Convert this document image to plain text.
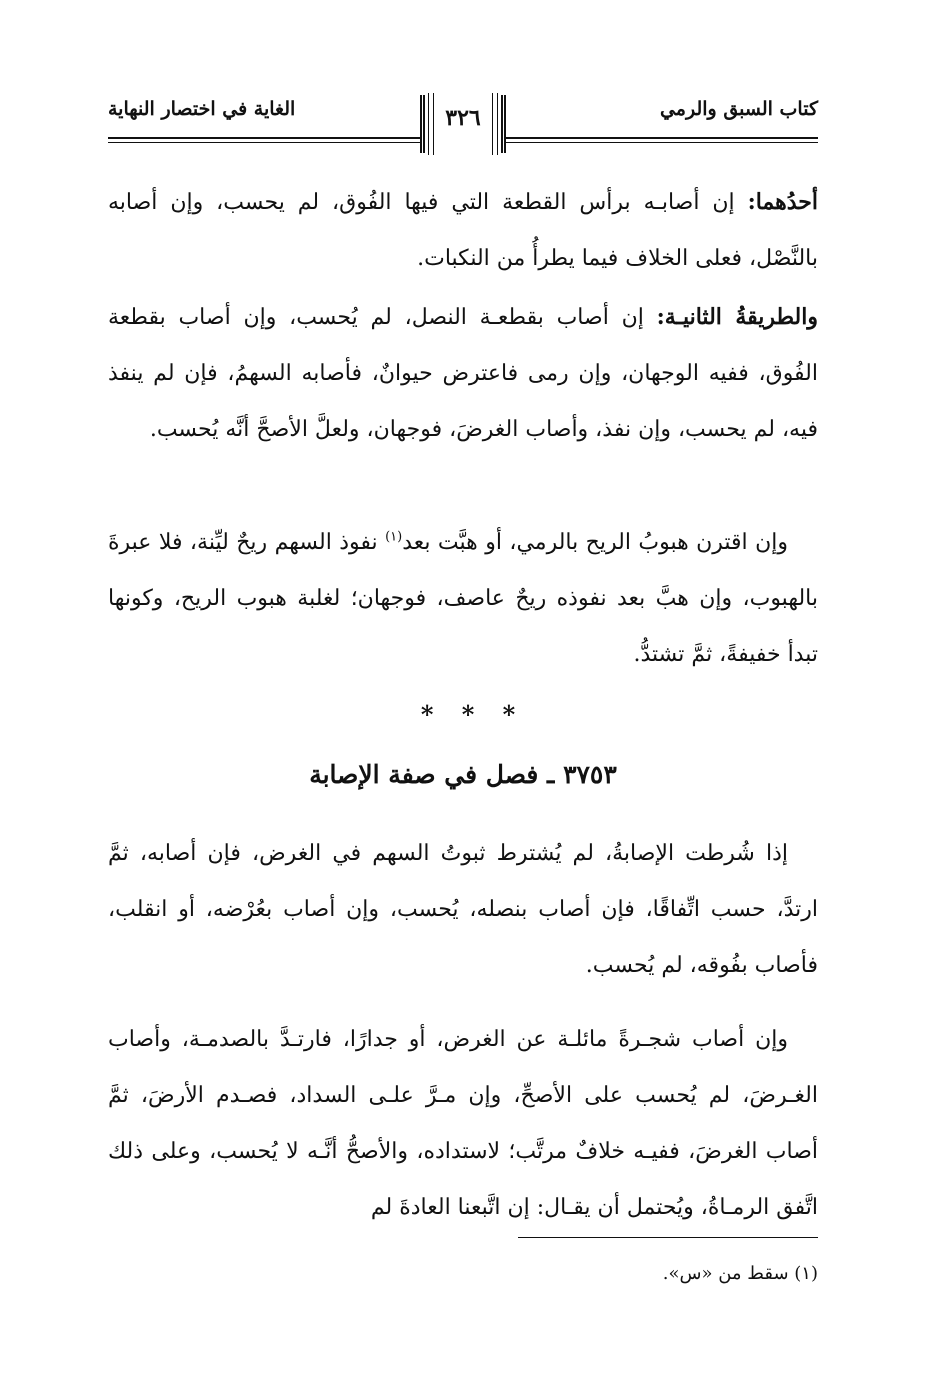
كتاب السبق والرمي
الغاية في اختصار النهاية	٣٢٦
أحدُهما: إن أصابـه برأس القطعة التي فيها الفُوق، لم يحسب، وإن أصابه بالنَّصْل، فعلى الخلاف فيما يطرأُ من النكبات.
والطريقةُ الثانيـة: إن أصاب بقطعـة النصل، لم يُحسب، وإن أصاب بقطعة الفُوق، ففيه الوجهان، وإن رمى فاعترض حيوانٌ، فأصابه السهمُ، فإن لم ينفذ فيه، لم يحسب، وإن نفذ، وأصاب الغرضَ، فوجهان، ولعلَّ الأصحَّ أنَّه يُحسب.
وإن اقترن هبوبُ الريح بالرمي، أو هبَّت بعد$^{(١)}$ نفوذ السهم ريحٌ ليِّنة، فلا عبرةَ بالهبوب، وإن هبَّ بعد نفوذه ريحٌ عاصف، فوجهان؛ لغلبة هبوب الريح، وكونها تبدأ خفيفةً، ثمَّ تشتدُّ.
* * *
٣٧٥٣ ـ فصل في صفة الإصابة
إذا شُرطت الإصابةُ، لم يُشترط ثبوتُ السهم في الغرض، فإن أصابه، ثمَّ ارتدَّ، حسب اتِّفاقًا، فإن أصاب بنصله، يُحسب، وإن أصاب بعُرْضه، أو انقلب، فأصاب بفُوقه، لم يُحسب.
وإن أصاب شجـرةً مائلـة عن الغرض، أو جدارًا، فارتـدَّ بالصدمـة، وأصاب الغـرضَ، لم يُحسب على الأصحِّ، وإن مـرَّ علـى السداد، فصـدم الأرضَ، ثمَّ أصاب الغرضَ، ففيـه خلافٌ مرتَّب؛ لاستداده، والأصحُّ أنَّـه لا يُحسب، وعلى ذلك اتَّفق الرمـاةُ، ويُحتمل أن يقـال: إن اتَّبعنا العادةَ لم
(١) سقط من «س».
